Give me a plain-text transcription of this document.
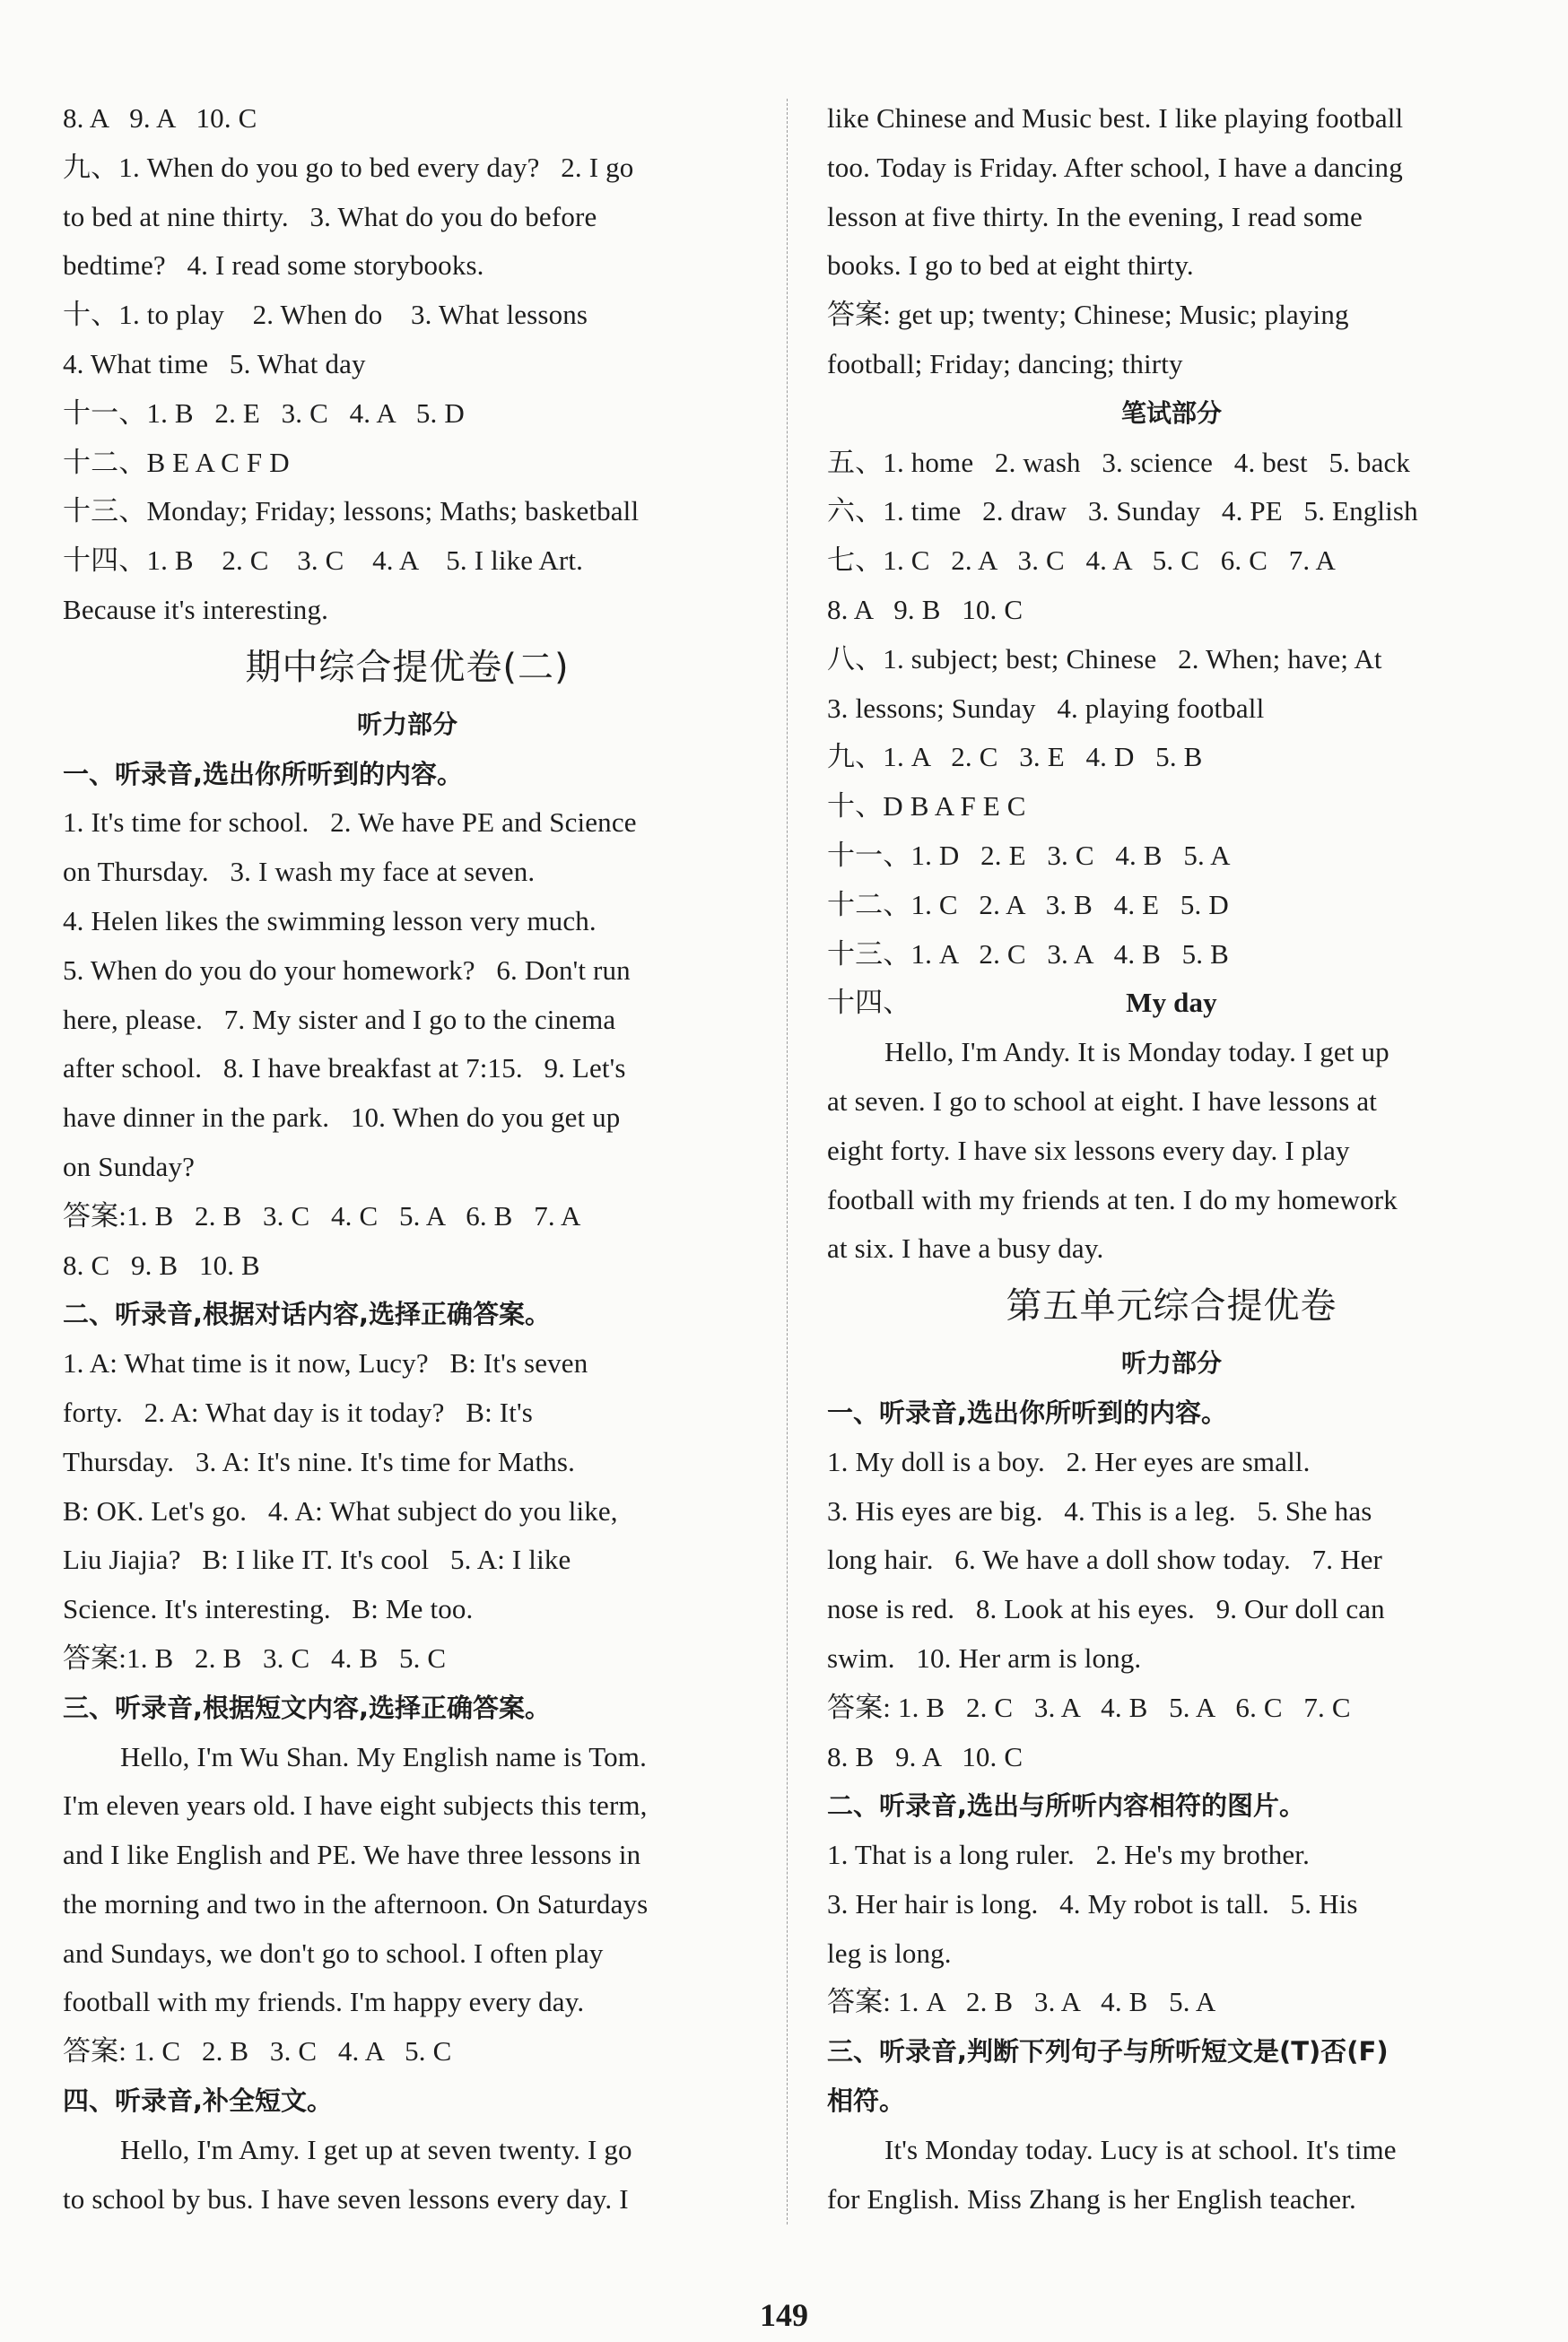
8. A   9. A   10. C
九、1. When do you go to bed every day?   2. I go
to bed at nine thirty.   3. What do you do before
bedtime?   4. I read some storybooks.
十、1. to play    2. When do    3. What lessons
4. What time   5. What day
十一、1. B   2. E   3. C   4. A   5. D
十二、B E A C F D
十三、Monday; Friday; lessons; Maths; basketball
十四、1. B    2. C    3. C    4. A    5. I like Art.
Because it's interesting.
期中综合提优卷(二)
听力部分
一、听录音,选出你所听到的内容。
1. It's time for school.   2. We have PE and Science
on Thursday.   3. I wash my face at seven.
4. Helen likes the swimming lesson very much.
5. When do you do your homework?   6. Don't run
here, please.   7. My sister and I go to the cinema
after school.   8. I have breakfast at 7:15.   9. Let's
have dinner in the park.   10. When do you get up
on Sunday?
答案:1. B   2. B   3. C   4. C   5. A   6. B   7. A
8. C   9. B   10. B
二、听录音,根据对话内容,选择正确答案。
1. A: What time is it now, Lucy?   B: It's seven
forty.   2. A: What day is it today?   B: It's
Thursday.   3. A: It's nine. It's time for Maths.
B: OK. Let's go.   4. A: What subject do you like,
Liu Jiajia?   B: I like IT. It's cool   5. A: I like
Science. It's interesting.   B: Me too.
答案:1. B   2. B   3. C   4. B   5. C
三、听录音,根据短文内容,选择正确答案。
Hello, I'm Wu Shan. My English name is Tom.
I'm eleven years old. I have eight subjects this term,
and I like English and PE. We have three lessons in
the morning and two in the afternoon. On Saturdays
and Sundays, we don't go to school. I often play
football with my friends. I'm happy every day.
答案: 1. C   2. B   3. C   4. A   5. C
四、听录音,补全短文。
Hello, I'm Amy. I get up at seven twenty. I go
to school by bus. I have seven lessons every day. I
like Chinese and Music best. I like playing football
too. Today is Friday. After school, I have a dancing
lesson at five thirty. In the evening, I read some
books. I go to bed at eight thirty.
答案: get up; twenty; Chinese; Music; playing
football; Friday; dancing; thirty
笔试部分
五、1. home   2. wash   3. science   4. best   5. back
六、1. time   2. draw   3. Sunday   4. PE   5. English
七、1. C   2. A   3. C   4. A   5. C   6. C   7. A
8. A   9. B   10. C
八、1. subject; best; Chinese   2. When; have; At
3. lessons; Sunday   4. playing football
九、1. A   2. C   3. E   4. D   5. B
十、D B A F E C
十一、1. D   2. E   3. C   4. B   5. A
十二、1. C   2. A   3. B   4. E   5. D
十三、1. A   2. C   3. A   4. B   5. B
十四、	My day
Hello, I'm Andy. It is Monday today. I get up
at seven. I go to school at eight. I have lessons at
eight forty. I have six lessons every day. I play
football with my friends at ten. I do my homework
at six. I have a busy day.
第五单元综合提优卷
听力部分
一、听录音,选出你所听到的内容。
1. My doll is a boy.   2. Her eyes are small.
3. His eyes are big.   4. This is a leg.   5. She has
long hair.   6. We have a doll show today.   7. Her
nose is red.   8. Look at his eyes.   9. Our doll can
swim.   10. Her arm is long.
答案: 1. B   2. C   3. A   4. B   5. A   6. C   7. C
8. B   9. A   10. C
二、听录音,选出与所听内容相符的图片。
1. That is a long ruler.   2. He's my brother.
3. Her hair is long.   4. My robot is tall.   5. His
leg is long.
答案: 1. A   2. B   3. A   4. B   5. A
三、听录音,判断下列句子与所听短文是(T)否(F)
相符。
It's Monday today. Lucy is at school. It's time
for English. Miss Zhang is her English teacher.
149
